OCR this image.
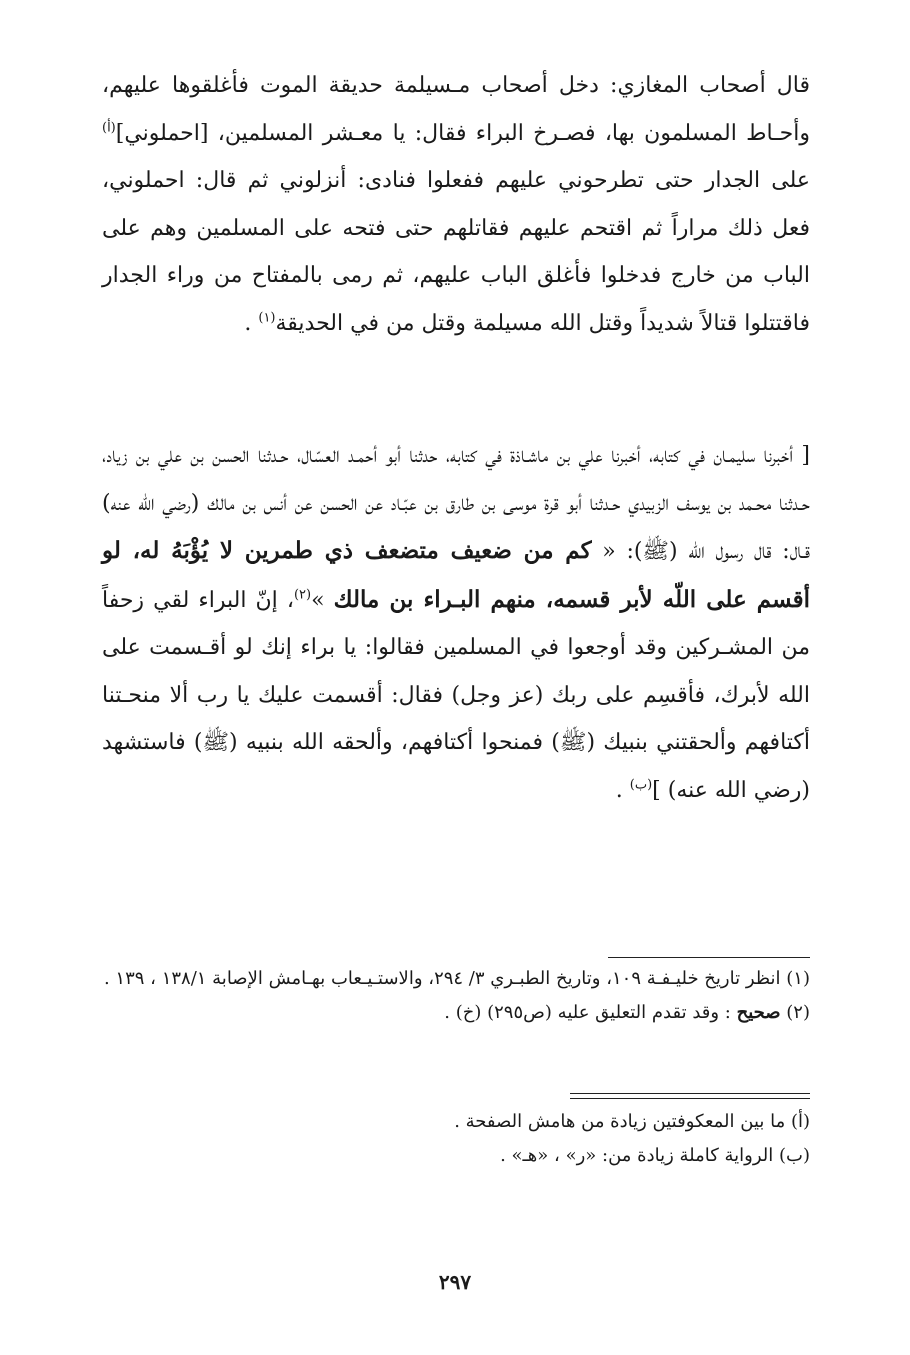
قال أصحاب المغازي: دخل أصحاب مـسيلمة حديقة الموت فأغلقوها عليهم، وأحـاط المسلمون بها، فصـرخ البراء فقال: يا معـشر المسلمين، [احملوني]$^{(أ)}$ على الجدار حتى تطرحوني عليهم ففعلوا فنادى: أنزلوني ثم قال: احملوني، فعل ذلك مراراً ثم اقتحم عليهم فقاتلهم حتى فتحه على المسلمين وهم على الباب من خارج فدخلوا فأغلق الباب عليهم، ثم رمى بالمفتاح من وراء الجدار فاقتتلوا قتالاً شديداً وقتل الله مسيلمة وقتل من في الحديقة$^{(١)}$ .
[ أخبرنا سليمـان في كتابه، أخبرنا علي بن ماشـاذة في كتابه، حدثنا أبو أحمـد العسّال، حـدثنا الحسن بن علي بن زياد، حـدثنا محـمد بن يوسف الزبيدي حـدثنا أبو قرة موسى بن طارق بن عبّـاد عن الحسن عن أنس بن مالك (رضي الله عنه) قـال: قال رسول الله (ﷺ): « كم من ضعيف متضعف ذي طمرين لا يُؤْبَهُ له، لو أقسم على اللّه لأبر قسمه، منهم البـراء بن مالك »$^{(٢)}$، إنّ البراء لقي زحفاً من المشـركين وقد أوجعوا في المسلمين فقالوا: يا براء إنك لو أقـسمت على الله لأبرك، فأقسِم على ربك (عز وجل) فقال: أقسمت عليك يا رب ألا منحـتنا أكتافهم وألحقتني بنبيك (ﷺ) فمنحوا أكتافهم، وألحقه الله بنبيه (ﷺ) فاستشهد (رضي الله عنه) ]$^{(ب)}$ .
(١) انظر تاريخ خليـفـة ١٠٩، وتاريخ الطبـري ٣/ ٢٩٤، والاستـيـعاب بهـامش الإصابة ١٣٨/١ ، ١٣٩ .
(٢) صحيح : وقد تقدم التعليق عليه (ص٢٩٥) (خ) .
(أ) ما بين المعكوفتين زيادة من هامش الصفحة .
(ب) الرواية كاملة زيادة من: «ر» ، «هـ» .
٢٩٧
